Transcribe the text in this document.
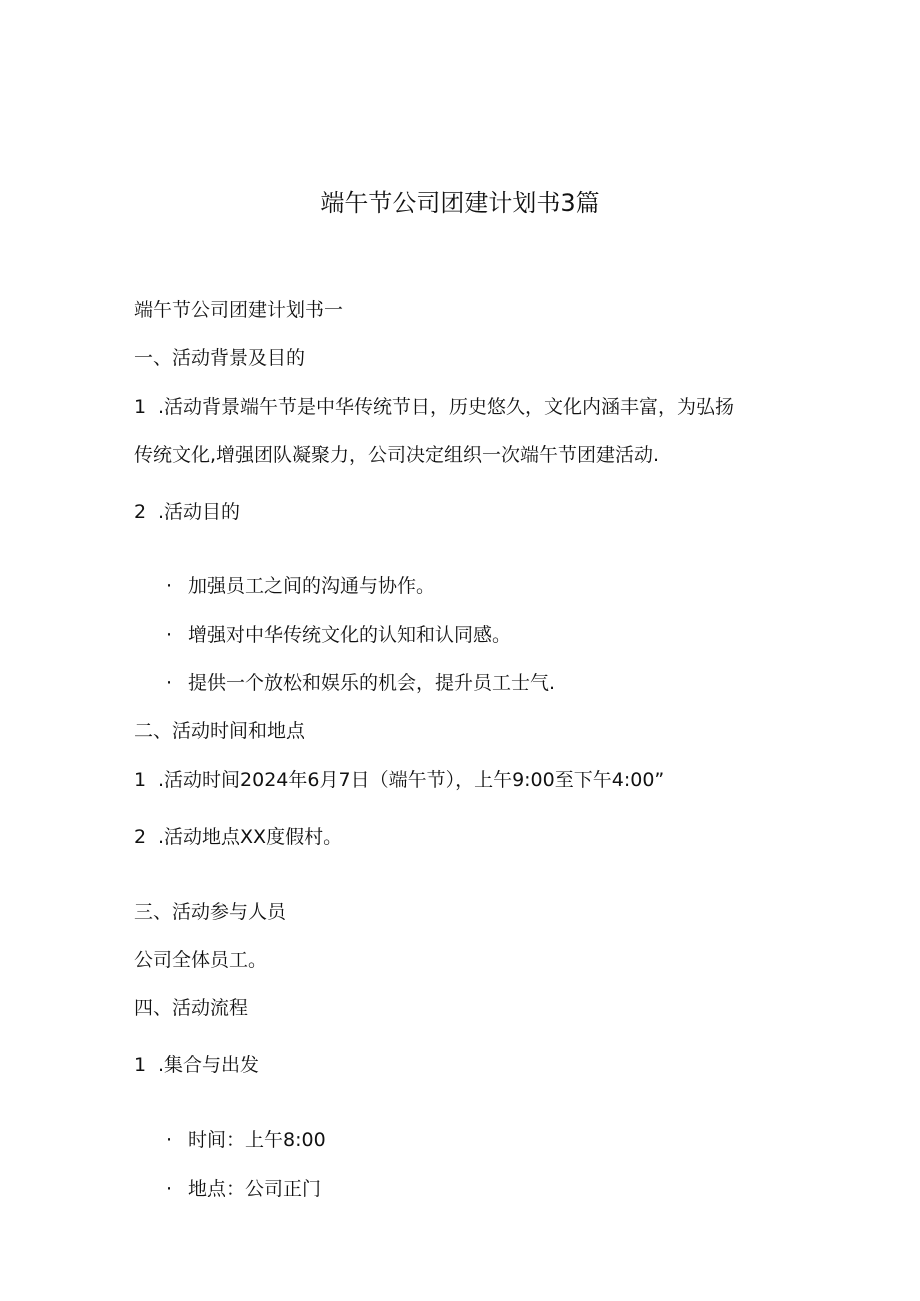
端午节公司团建计划书3篇
端午节公司团建计划书一
一、活动背景及目的
1 .活动背景端午节是中华传统节日，历史悠久，文化内涵丰富，为弘扬
传统文化,增强团队凝聚力，公司决定组织一次端午节团建活动.
2 .活动目的
· 加强员工之间的沟通与协作。
· 增强对中华传统文化的认知和认同感。
· 提供一个放松和娱乐的机会，提升员工士气.
二、活动时间和地点
1 .活动时间2024年6月7日（端午节），上午9:00至下午4:00”
2 .活动地点XX度假村。
三、活动参与人员
公司全体员工。
四、活动流程
1 .集合与出发
· 时间：上午8:00
· 地点：公司正门
